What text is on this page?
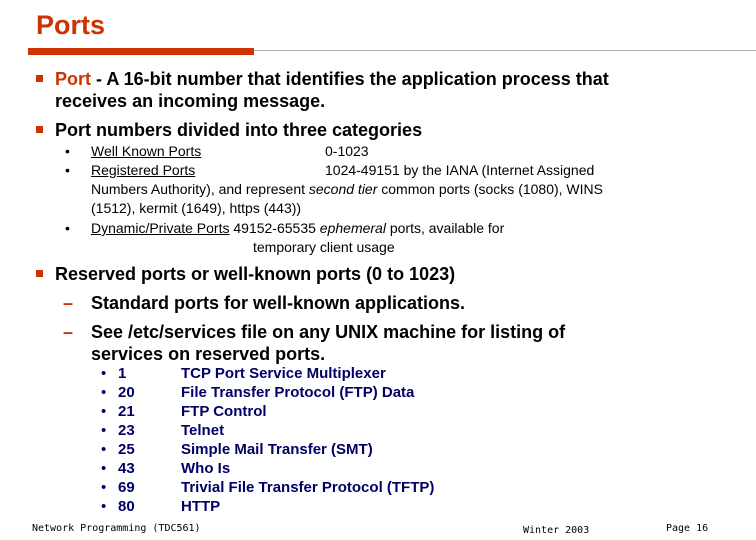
Ports
Port - A 16-bit number that identifies the application process that
receives an incoming message.
Port numbers divided into three categories
• Well Known Ports	0-1023
• Registered Ports	1024-49151 by the IANA (Internet Assigned
Numbers Authority), and represent second tier common ports (socks (1080), WINS
(1512), kermit (1649), https (443))
• Dynamic/Private Ports 49152-65535 ephemeral ports, available for
temporary client usage
Reserved ports or well-known ports (0 to 1023)
– Standard ports for well-known applications.
– See /etc/services file on any UNIX machine for listing of
services on reserved ports.
• 1	TCP Port Service Multiplexer
• 20	File Transfer Protocol (FTP) Data
• 21	FTP Control
• 23	Telnet
• 25	Simple Mail Transfer (SMT)
• 43	Who Is
• 69	Trivial File Transfer Protocol (TFTP)
• 80	HTTP
Network Programming (TDC561)	Winter 2003	Page 16
